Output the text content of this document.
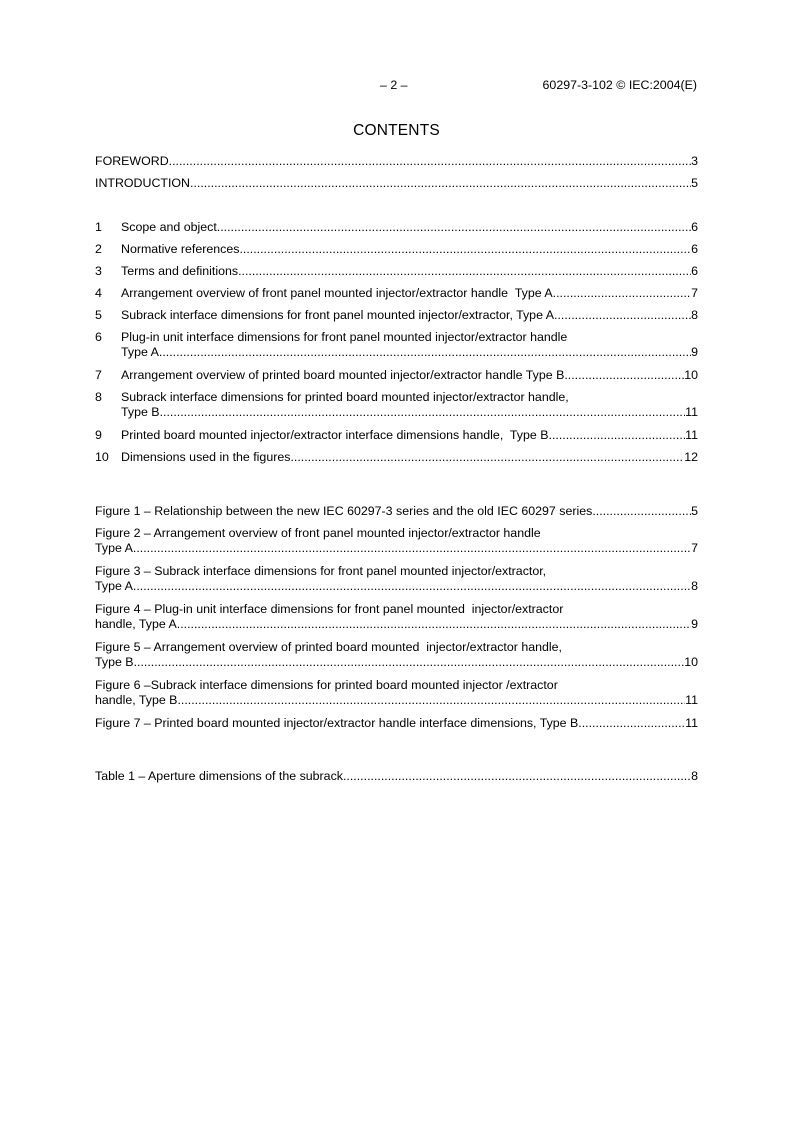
– 2 –	60297-3-102 © IEC:2004(E)
CONTENTS
FOREWORD .....	3
INTRODUCTION .....	5
1	Scope and object .....	6
2	Normative references .....	6
3	Terms and definitions .....	6
4	Arrangement overview of front panel mounted injector/extractor handle  Type A .....	7
5	Subrack interface dimensions for front panel mounted injector/extractor, Type A .....	8
6	Plug-in unit interface dimensions for front panel mounted injector/extractor handle
Type A .....	9
7	Arrangement overview of printed board mounted injector/extractor handle Type B .....	10
8	Subrack interface dimensions for printed board mounted injector/extractor handle,
Type B .....	11
9	Printed board mounted injector/extractor interface dimensions handle,  Type B .....	11
10 Dimensions used in the figures .....	12
Figure 1 – Relationship between the new IEC 60297-3 series and the old IEC 60297 series .....	5
Figure 2 – Arrangement overview of front panel mounted injector/extractor handle
Type A .....	7
Figure 3 – Subrack interface dimensions for front panel mounted injector/extractor,
Type A .....	8
Figure 4 – Plug-in unit interface dimensions for front panel mounted  injector/extractor
handle, Type A .....	9
Figure 5 – Arrangement overview of printed board mounted  injector/extractor handle,
Type B .....	10
Figure 6 –Subrack interface dimensions for printed board mounted injector /extractor
handle, Type B .....	11
Figure 7 – Printed board mounted injector/extractor handle interface dimensions, Type B .....	11
Table 1 – Aperture dimensions of the subrack .....	8
